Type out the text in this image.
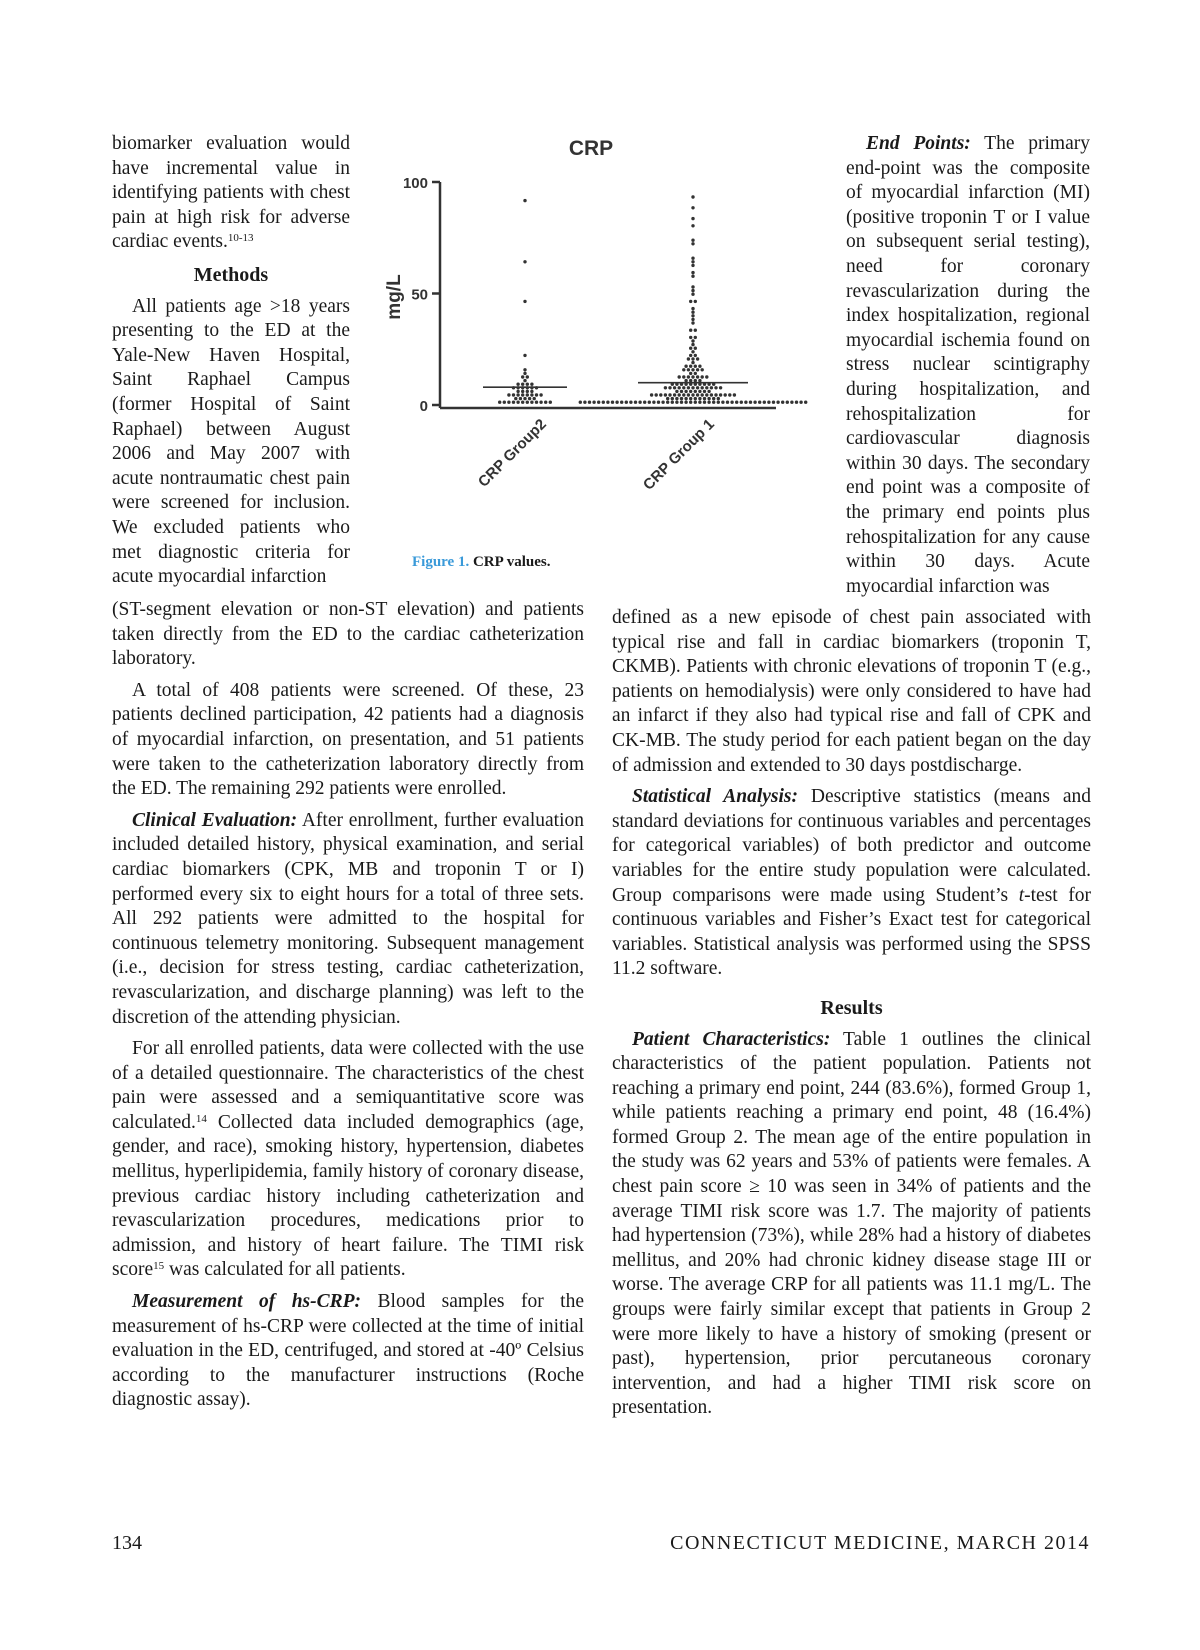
biomarker evaluation would have incremental value in identifying patients with chest pain at high risk for adverse cardiac events.$^{10-13}$

Methods

All patients age >18 years presenting to the ED at the Yale-New Haven Hospital, Saint Raphael Campus (former Hospital of Saint Raphael) between August 2006 and May 2007 with acute nontraumatic chest pain were screened for inclusion. We excluded patients who met diagnostic criteria for acute myocardial infarction

CRP
mg/L
0
50
100
CRP Group2	CRP Group 1
Figure 1. CRP values.

End Points: The primary end-point was the composite of myocardial infarction (MI) (positive troponin T or I value on subsequent serial testing), need for coronary revascularization during the index hospitalization, regional myocardial ischemia found on stress nuclear scintigraphy during hospitalization, and rehospitalization for cardiovascular diagnosis within 30 days. The secondary end point was a composite of the primary end points plus rehospitalization for any cause within 30 days. Acute myocardial infarction was

(ST-segment elevation or non-ST elevation) and patients taken directly from the ED to the cardiac catheterization laboratory.

A total of 408 patients were screened. Of these, 23 patients declined participation, 42 patients had a diagnosis of myocardial infarction, on presentation, and 51 patients were taken to the catheterization laboratory directly from the ED. The remaining 292 patients were enrolled.

Clinical Evaluation: After enrollment, further evaluation included detailed history, physical examination, and serial cardiac biomarkers (CPK, MB and troponin T or I) performed every six to eight hours for a total of three sets. All 292 patients were admitted to the hospital for continuous telemetry monitoring. Subsequent management (i.e., decision for stress testing, cardiac catheterization, revascularization, and discharge planning) was left to the discretion of the attending physician.

For all enrolled patients, data were collected with the use of a detailed questionnaire. The characteristics of the chest pain were assessed and a semiquantitative score was calculated.$^{14}$ Collected data included demographics (age, gender, and race), smoking history, hypertension, diabetes mellitus, hyperlipidemia, family history of coronary disease, previous cardiac history including catheterization and revascularization procedures, medications prior to admission, and history of heart failure. The TIMI risk score$^{15}$ was calculated for all patients.

Measurement of hs-CRP: Blood samples for the measurement of hs-CRP were collected at the time of initial evaluation in the ED, centrifuged, and stored at -40º Celsius according to the manufacturer instructions (Roche diagnostic assay).

defined as a new episode of chest pain associated with typical rise and fall in cardiac biomarkers (troponin T, CKMB). Patients with chronic elevations of troponin T (e.g., patients on hemodialysis) were only considered to have had an infarct if they also had typical rise and fall of CPK and CK-MB. The study period for each patient began on the day of admission and extended to 30 days postdischarge.

Statistical Analysis: Descriptive statistics (means and standard deviations for continuous variables and percentages for categorical variables) of both predictor and outcome variables for the entire study population were calculated. Group comparisons were made using Student’s t-test for continuous variables and Fisher’s Exact test for categorical variables. Statistical analysis was performed using the SPSS 11.2 software.

Results

Patient Characteristics: Table 1 outlines the clinical characteristics of the patient population. Patients not reaching a primary end point, 244 (83.6%), formed Group 1, while patients reaching a primary end point, 48 (16.4%) formed Group 2. The mean age of the entire population in the study was 62 years and 53% of patients were females. A chest pain score ≥ 10 was seen in 34% of patients and the average TIMI risk score was 1.7. The majority of patients had hypertension (73%), while 28% had a history of diabetes mellitus, and 20% had chronic kidney disease stage III or worse. The average CRP for all patients was 11.1 mg/L. The groups were fairly similar except that patients in Group 2 were more likely to have a history of smoking (present or past), hypertension, prior percutaneous coronary intervention, and had a higher TIMI risk score on presentation.

134	CONNECTICUT MEDICINE, MARCH 2014
